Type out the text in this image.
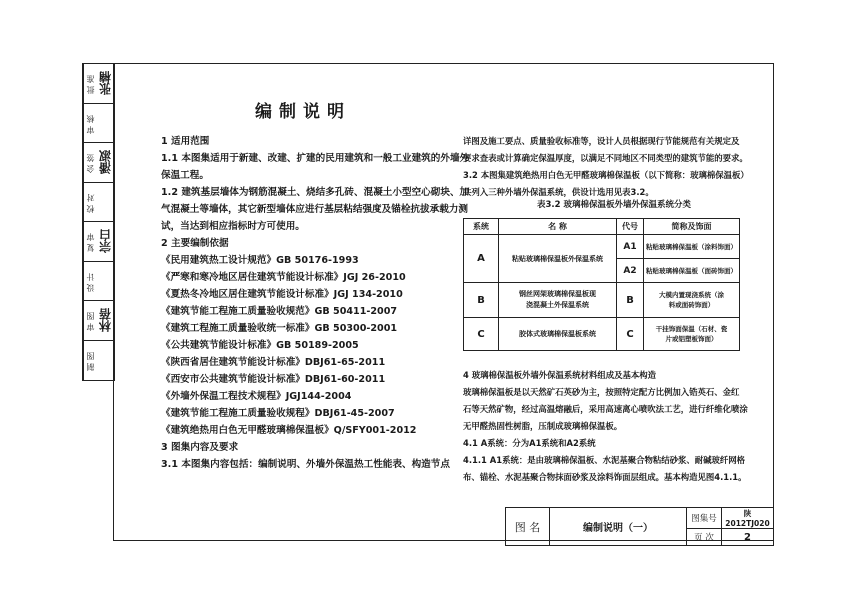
批准 张楠
审核
会签 潘淑
校对
复审 宗白
设计
审图 林蓓
制图
编制说明

1 适用范围

1.1 本图集适用于新建、改建、扩建的民用建筑和一般工业建筑的外墙外

保温工程。

1.2 建筑基层墙体为钢筋混凝土、烧结多孔砖、混凝土小型空心砌块、加

气混凝土等墙体，其它新型墙体应进行基层粘结强度及锚栓抗拔承载力测

试，当达到相应指标时方可使用。

2 主要编制依据

《民用建筑热工设计规范》GB 50176-1993

《严寒和寒冷地区居住建筑节能设计标准》JGJ 26-2010

《夏热冬冷地区居住建筑节能设计标准》JGJ 134-2010

《建筑节能工程施工质量验收规范》GB 50411-2007

《建筑工程施工质量验收统一标准》GB 50300-2001

《公共建筑节能设计标准》GB 50189-2005

《陕西省居住建筑节能设计标准》DBJ61-65-2011

《西安市公共建筑节能设计标准》DBJ61-60-2011

《外墙外保温工程技术规程》JGJ144-2004

《建筑节能工程施工质量验收规程》DBJ61-45-2007

《建筑绝热用白色无甲醛玻璃棉保温板》Q/SFY001-2012

3 图集内容及要求

3.1 本图集内容包括：编制说明、外墙外保温热工性能表、构造节点

详图及施工要点、质量验收标准等，设计人员根据现行节能规范有关规定及

要求查表或计算确定保温厚度，以满足不同地区不同类型的建筑节能的要求。

3.2 本图集建筑绝热用白色无甲醛玻璃棉保温板（以下简称：玻璃棉保温板）

共列入三种外墙外保温系统，供设计选用见表3.2。

表3.2 玻璃棉保温板外墙外保温系统分类
系统	名 称	代号	简称及饰面
A	粘贴玻璃棉保温板外保温系统	A1	粘贴玻璃棉保温板（涂料饰面）
		A2	粘贴玻璃棉保温板（面砖饰面）
B	钢丝网架玻璃棉保温板现浇混凝土外保温系统	B	大模内置现浇系统（涂料或面砖饰面）
C	胶体式玻璃棉保温板系统	C	干挂饰面保温（石材、瓷片或铝塑板饰面）

4 玻璃棉保温板外墙外保温系统材料组成及基本构造

玻璃棉保温板是以天然矿石英砂为主，按照特定配方比例加入锆英石、金红

石等天然矿物，经过高温熔融后，采用高速离心喷吹法工艺，进行纤维化喷涂

无甲醛热固性树脂，压制成玻璃棉保温板。

4.1 A系统：分为A1系统和A2系统

4.1.1 A1系统：是由玻璃棉保温板、水泥基聚合物粘结砂浆、耐碱玻纤网格

布、锚栓、水泥基聚合物抹面砂浆及涂料饰面层组成。基本构造见图4.1.1。

图 名	编制说明（一）	图集号	陕2012TJ020
		页 次	2
